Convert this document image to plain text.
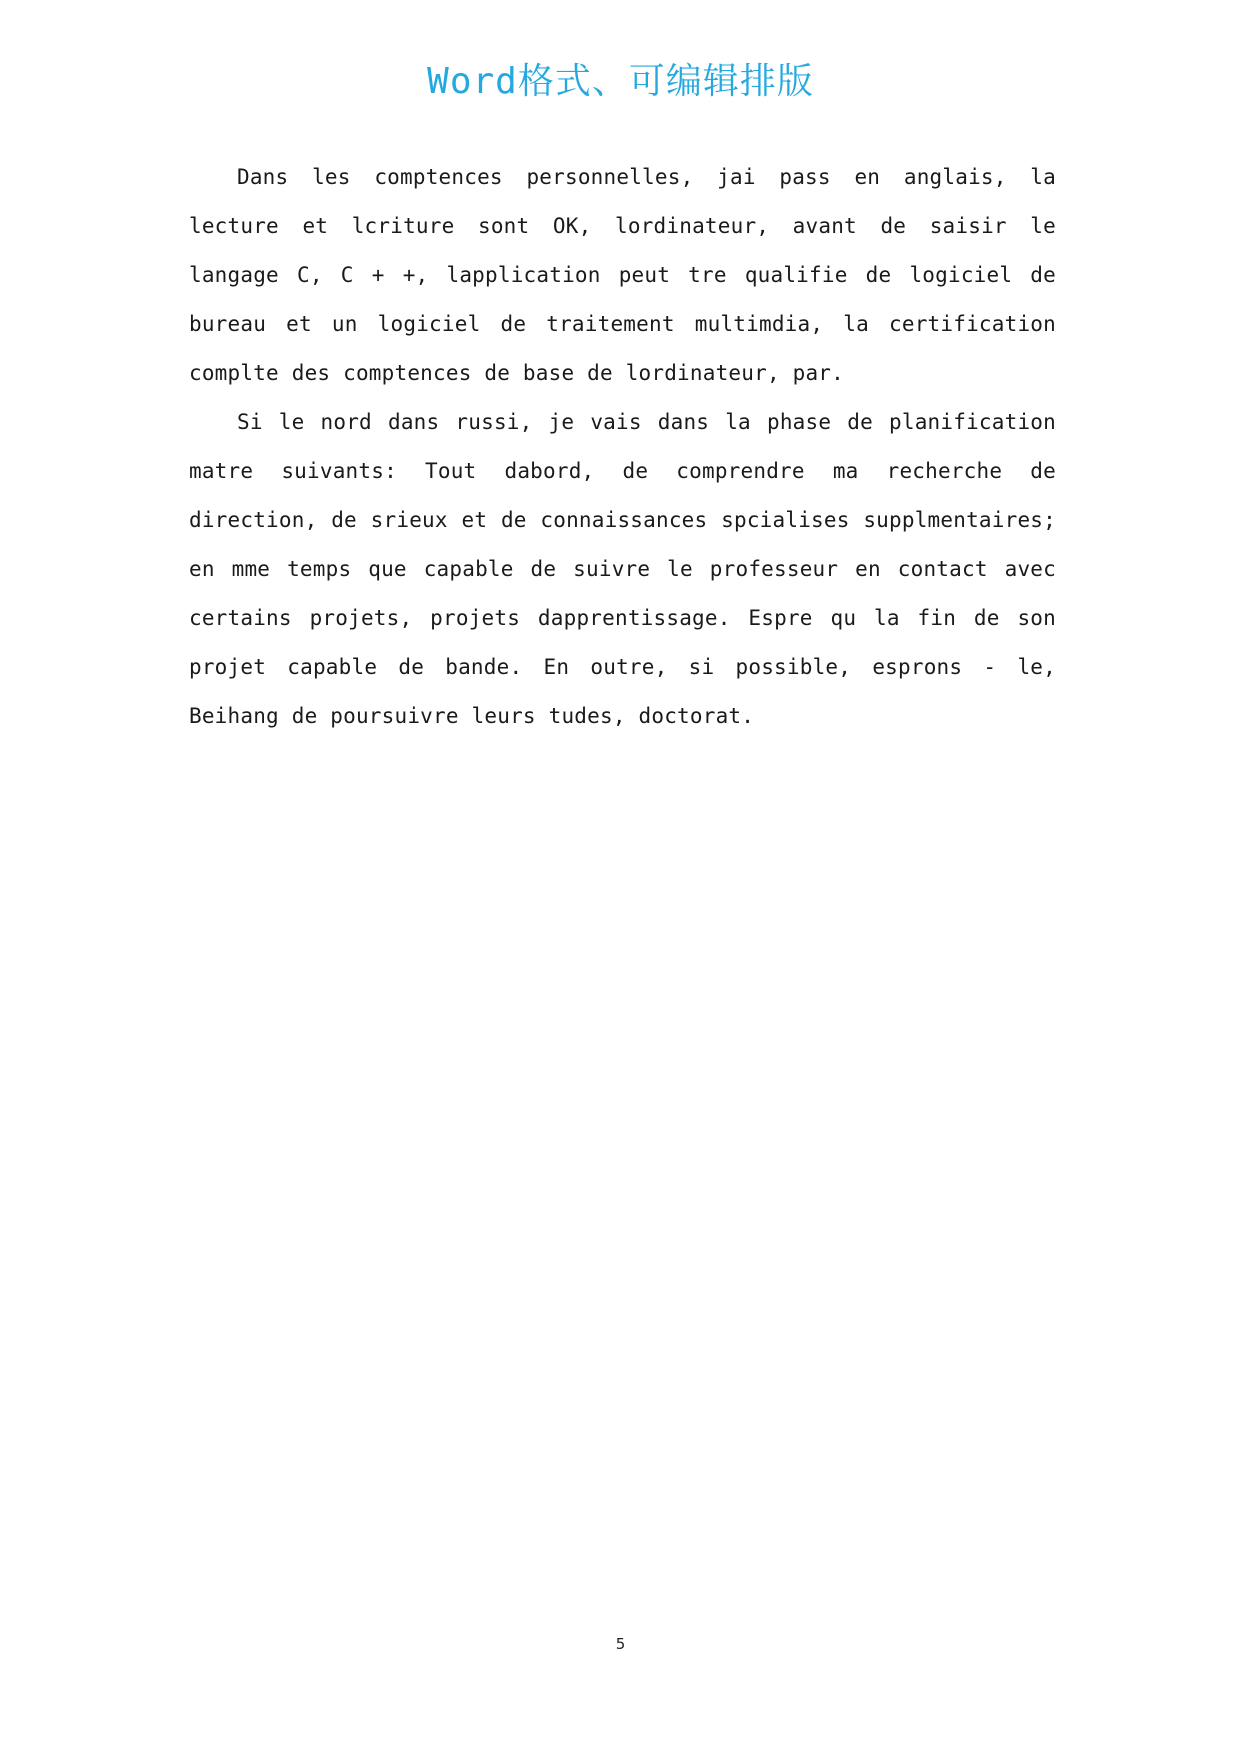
Word格式、可编辑排版

Dans les comptences personnelles, jai pass en anglais, la lecture et lcriture sont OK, lordinateur, avant de saisir le langage C, C + +, lapplication peut tre qualifie de logiciel de bureau et un logiciel de traitement multimdia, la certification complte des comptences de base de lordinateur, par.

Si le nord dans russi, je vais dans la phase de planification matre suivants: Tout dabord, de comprendre ma recherche de direction, de srieux et de connaissances spcialises supplmentaires; en mme temps que capable de suivre le professeur en contact avec certains projets, projets dapprentissage. Espre qu la fin de son projet capable de bande. En outre, si possible, esprons - le, Beihang de poursuivre leurs tudes, doctorat.

5
